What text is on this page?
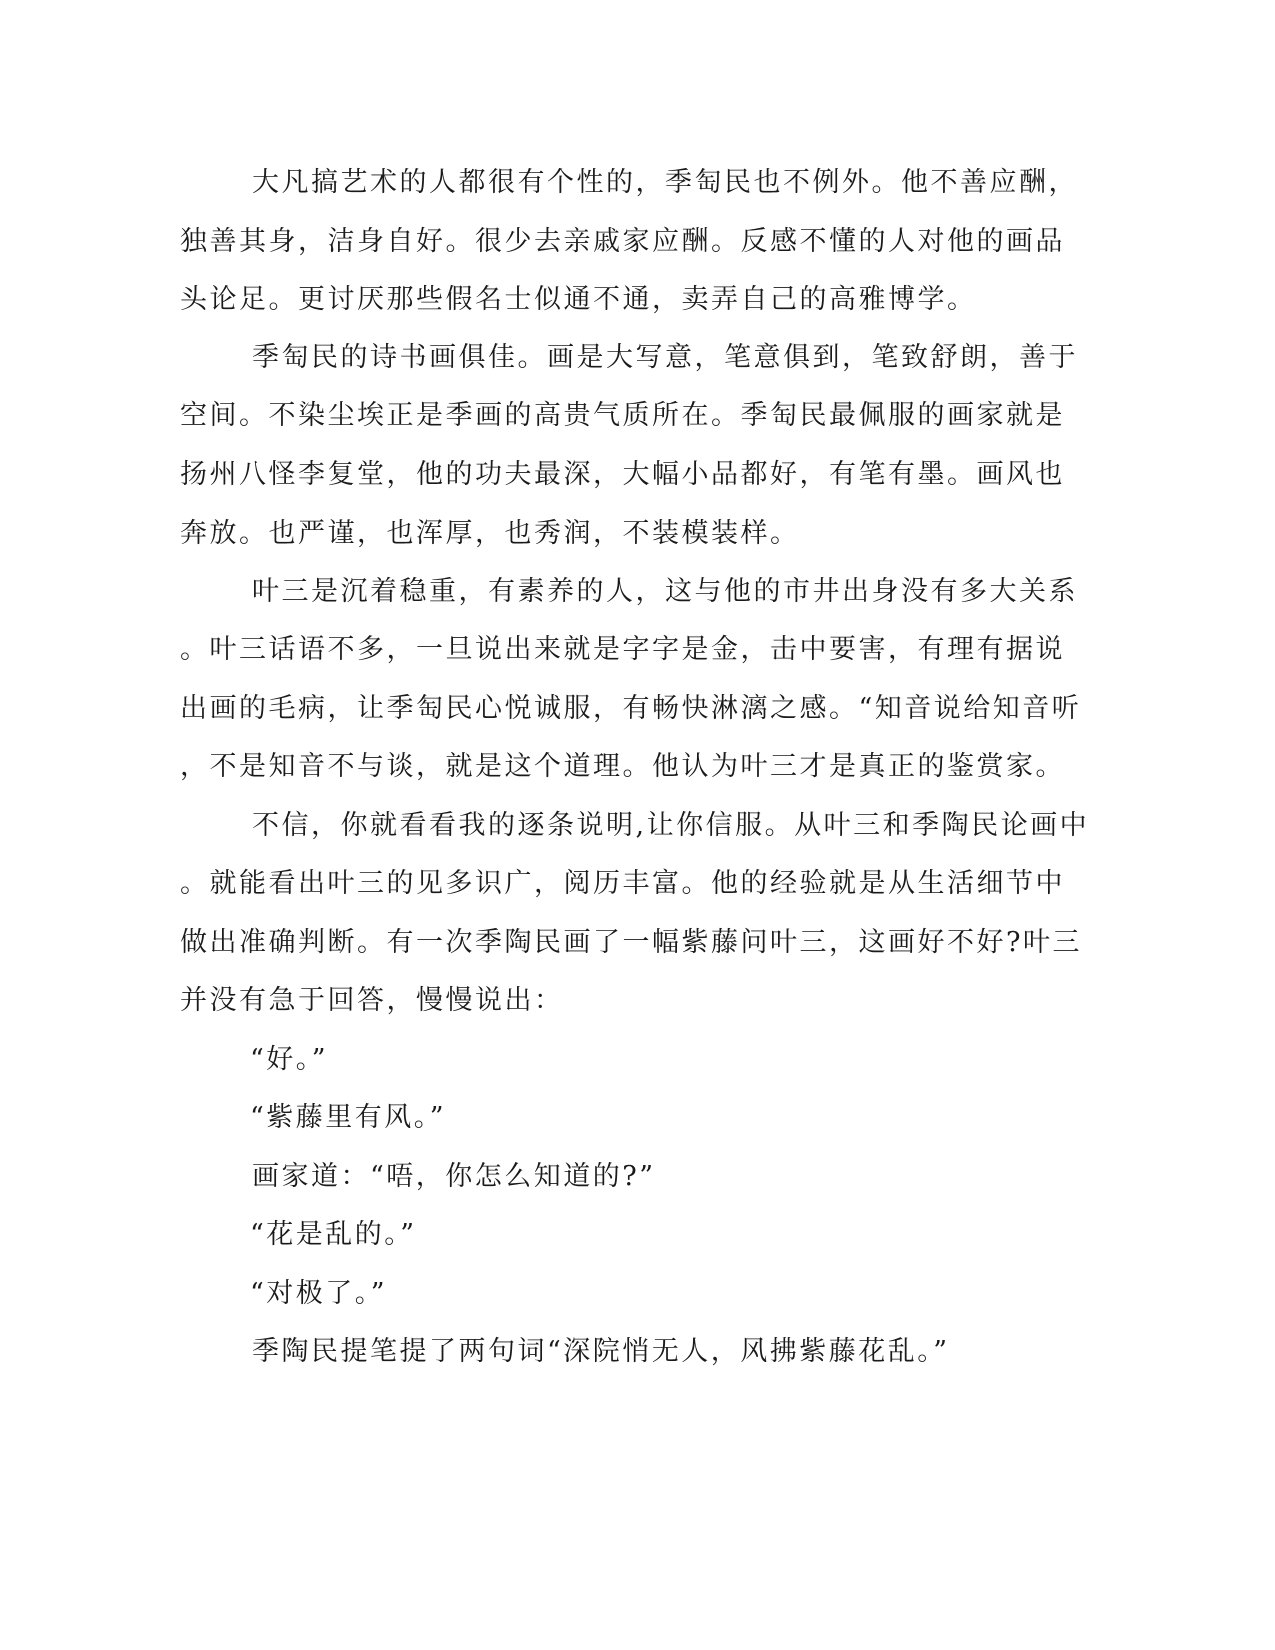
大凡搞艺术的人都很有个性的，季匋民也不例外。他不善应酬，
独善其身，洁身自好。很少去亲戚家应酬。反感不懂的人对他的画品
头论足。更讨厌那些假名士似通不通，卖弄自己的高雅博学。
季匋民的诗书画俱佳。画是大写意，笔意俱到，笔致舒朗，善于
空间。不染尘埃正是季画的高贵气质所在。季匋民最佩服的画家就是
扬州八怪李复堂，他的功夫最深，大幅小品都好，有笔有墨。画风也
奔放。也严谨，也浑厚，也秀润，不装模装样。
叶三是沉着稳重，有素养的人，这与他的市井出身没有多大关系
。叶三话语不多，一旦说出来就是字字是金，击中要害，有理有据说
出画的毛病，让季匋民心悦诚服，有畅快淋漓之感。“知音说给知音听
，不是知音不与谈，就是这个道理。他认为叶三才是真正的鉴赏家。
不信，你就看看我的逐条说明,让你信服。从叶三和季陶民论画中
。就能看出叶三的见多识广，阅历丰富。他的经验就是从生活细节中
做出准确判断。有一次季陶民画了一幅紫藤问叶三，这画好不好?叶三
并没有急于回答，慢慢说出：
“好。”
“紫藤里有风。”
画家道：“唔，你怎么知道的?”
“花是乱的。”
“对极了。”
季陶民提笔提了两句词“深院悄无人，风拂紫藤花乱。”
